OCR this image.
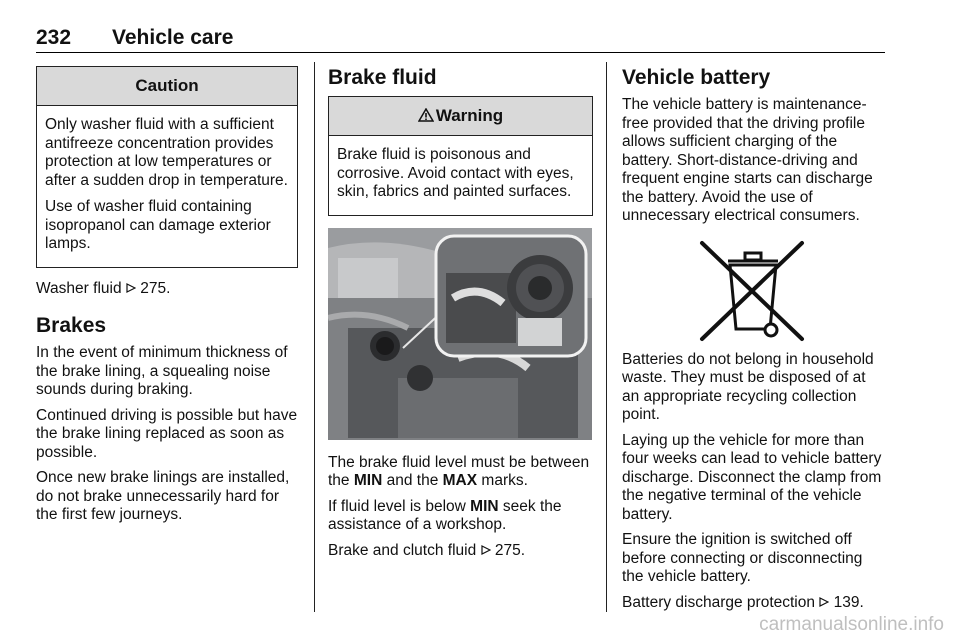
232 Vehicle care
Caution

Only washer fluid with a sufficient antifreeze concentration provides protection at low temperatures or after a sudden drop in temperature.

Use of washer fluid containing isopropanol can damage exterior lamps.

Washer fluid 275.

Brakes

In the event of minimum thickness of the brake lining, a squealing noise sounds during braking.

Continued driving is possible but have the brake lining replaced as soon as possible.

Once new brake linings are installed, do not brake unnecessarily hard for the first few journeys.

Brake fluid
Warning

Brake fluid is poisonous and corrosive. Avoid contact with eyes, skin, fabrics and painted surfaces.

The brake fluid level must be between the MIN and the MAX marks.

If fluid level is below MIN seek the assistance of a workshop.

Brake and clutch fluid 275.

Vehicle battery

The vehicle battery is maintenance-free provided that the driving profile allows sufficient charging of the battery. Short-distance-driving and frequent engine starts can discharge the battery. Avoid the use of unnecessary electrical consumers.

Batteries do not belong in household waste. They must be disposed of at an appropriate recycling collection point.

Laying up the vehicle for more than four weeks can lead to vehicle battery discharge. Disconnect the clamp from the negative terminal of the vehicle battery.

Ensure the ignition is switched off before connecting or disconnecting the vehicle battery.

Battery discharge protection 139.

carmanualsonline.info
